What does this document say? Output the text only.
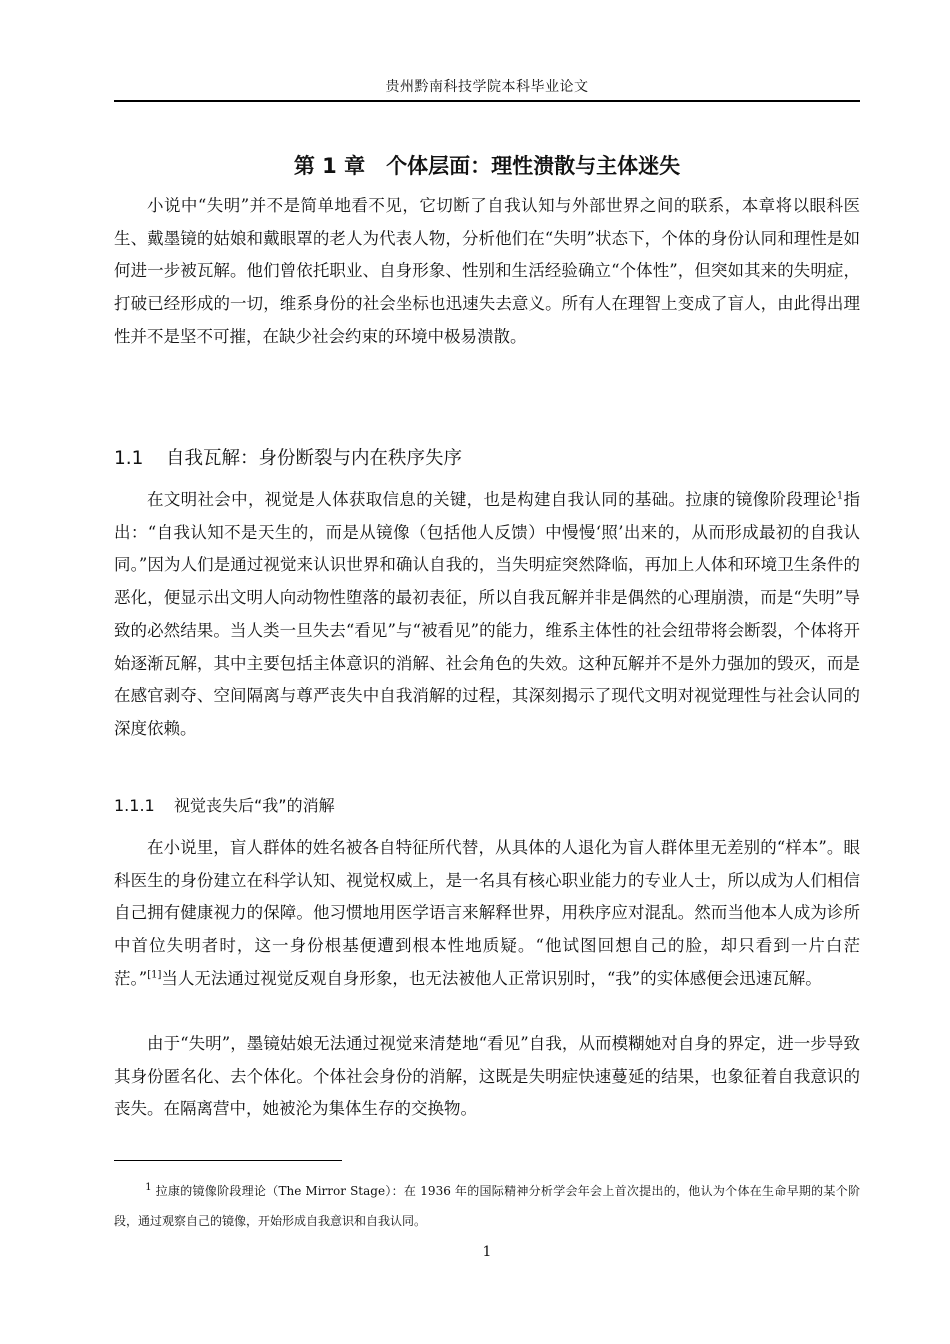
贵州黔南科技学院本科毕业论文
第 1 章　个体层面：理性溃散与主体迷失

小说中“失明”并不是简单地看不见，它切断了自我认知与外部世界之间的联系，本章将以眼科医生、戴墨镜的姑娘和戴眼罩的老人为代表人物，分析他们在“失明”状态下，个体的身份认同和理性是如何进一步被瓦解。他们曾依托职业、自身形象、性别和生活经验确立“个体性”，但突如其来的失明症，打破已经形成的一切，维系身份的社会坐标也迅速失去意义。所有人在理智上变成了盲人，由此得出理性并不是坚不可摧，在缺少社会约束的环境中极易溃散。

1.1 自我瓦解：身份断裂与内在秩序失序

在文明社会中，视觉是人体获取信息的关键，也是构建自我认同的基础。拉康的镜像阶段理论$^1$指出：“自我认知不是天生的，而是从镜像（包括他人反馈）中慢慢‘照’出来的，从而形成最初的自我认同。”因为人们是通过视觉来认识世界和确认自我的，当失明症突然降临，再加上人体和环境卫生条件的恶化，便显示出文明人向动物性堕落的最初表征，所以自我瓦解并非是偶然的心理崩溃，而是“失明”导致的必然结果。当人类一旦失去“看见”与“被看见”的能力，维系主体性的社会纽带将会断裂，个体将开始逐渐瓦解，其中主要包括主体意识的消解、社会角色的失效。这种瓦解并不是外力强加的毁灭，而是在感官剥夺、空间隔离与尊严丧失中自我消解的过程，其深刻揭示了现代文明对视觉理性与社会认同的深度依赖。

1.1.1 视觉丧失后“我”的消解

在小说里，盲人群体的姓名被各自特征所代替，从具体的人退化为盲人群体里无差别的“样本”。眼科医生的身份建立在科学认知、视觉权威上，是一名具有核心职业能力的专业人士，所以成为人们相信自己拥有健康视力的保障。他习惯地用医学语言来解释世界，用秩序应对混乱。然而当他本人成为诊所中首位失明者时，这一身份根基便遭到根本性地质疑。“他试图回想自己的脸，却只看到一片白茫茫。”[1]当人无法通过视觉反观自身形象，也无法被他人正常识别时，“我”的实体感便会迅速瓦解。

由于“失明”，墨镜姑娘无法通过视觉来清楚地“看见”自我，从而模糊她对自身的界定，进一步导致其身份匿名化、去个体化。个体社会身份的消解，这既是失明症快速蔓延的结果，也象征着自我意识的丧失。在隔离营中，她被沦为集体生存的交换物。

$^1$ 拉康的镜像阶段理论（The Mirror Stage）：在 1936 年的国际精神分析学会年会上首次提出的，他认为个体在生命早期的某个阶段，通过观察自己的镜像，开始形成自我意识和自我认同。

1
